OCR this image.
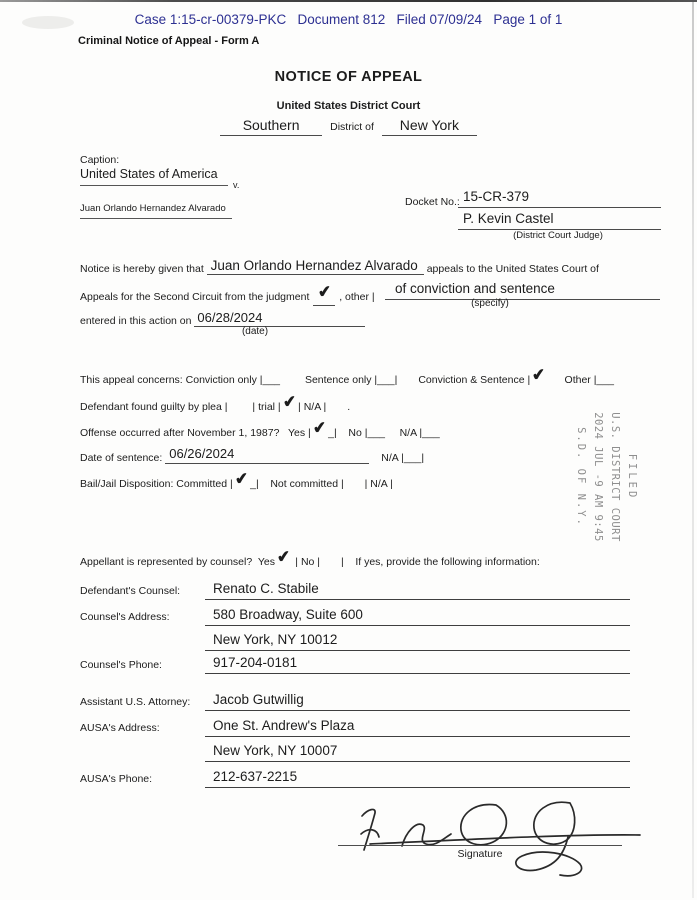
Case 1:15-cr-00379-PKC   Document 812   Filed 07/09/24   Page 1 of 1
Criminal Notice of Appeal - Form A
NOTICE OF APPEAL
United States District Court
Southern	District of New York
Caption:
United States of America
v.
Juan Orlando Hernandez Alvarado
Docket No.: 15-CR-379
P. Kevin Castel
(District Court Judge)
Notice is hereby given that Juan Orlando Hernandez Alvarado appeals to the United States Court of
Appeals for the Second Circuit from the judgment ✔ , other |
of conviction and sentence
(specify)
entered in this action on 06/28/2024
(date)
This appeal concerns: Conviction only |___ Sentence only |___| Conviction & Sentence |✔ Other |___
Defendant found guilty by plea | | trial |✔| N/A | .
Offense occurred after November 1, 1987?   Yes |✔_|    No |___     N/A |___
Date of sentence: 06/26/2024	N/A |___|
Bail/Jail Disposition: Committed |✔_|    Not committed | | N/A |	FILED
U.S. DISTRICT COURT
2024 JUL -9 AM 9:45
S.D. OF N.Y.
Appellant is represented by counsel?  Yes✔ | No | |    If yes, provide the following information:
Defendant's Counsel:	Renato C. Stabile
Counsel's Address:	580 Broadway, Suite 600
New York, NY 10012
Counsel's Phone:	917-204-0181
Assistant U.S. Attorney:	Jacob Gutwillig
AUSA's Address:	One St. Andrew's Plaza
New York, NY 10007
AUSA's Phone:	212-637-2215
Signature
